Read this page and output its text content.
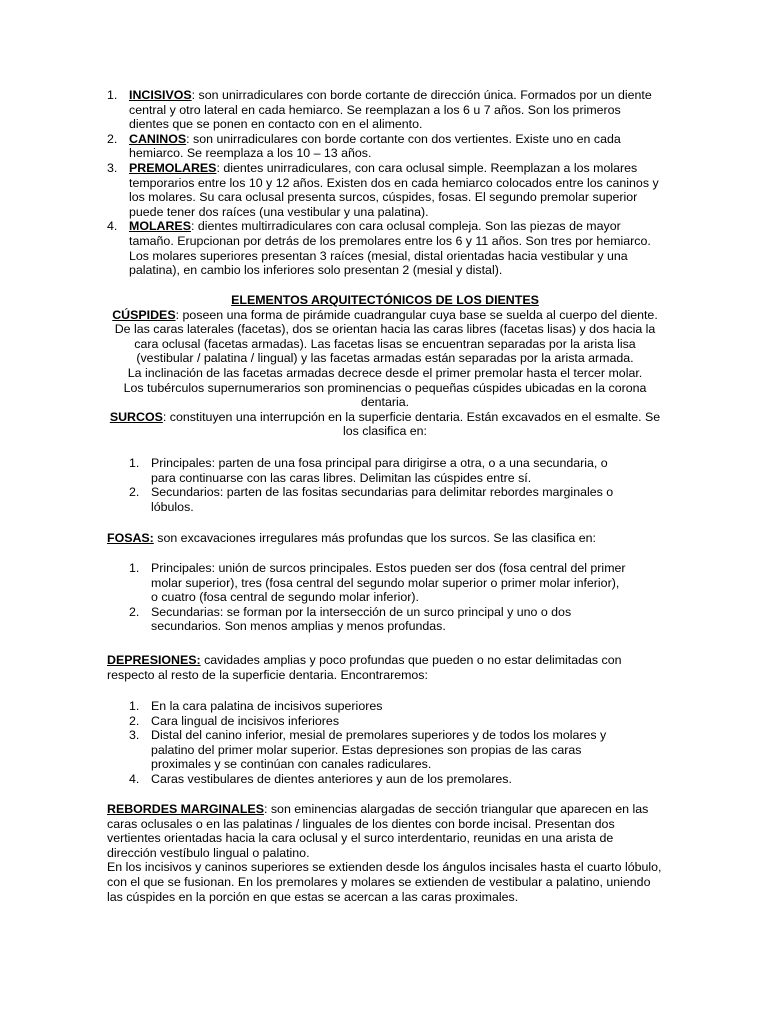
1. INCISIVOS: son unirradiculares con borde cortante de dirección única. Formados por un diente central y otro lateral en cada hemiarco. Se reemplazan a los 6 u 7 años. Son los primeros dientes que se ponen en contacto con en el alimento.
2. CANINOS: son unirradiculares con borde cortante con dos vertientes. Existe uno en cada hemiarco. Se reemplaza a los 10 – 13 años.
3. PREMOLARES: dientes unirradiculares, con cara oclusal simple. Reemplazan a los molares temporarios entre los 10 y 12 años. Existen dos en cada hemiarco colocados entre los caninos y los molares. Su cara oclusal presenta surcos, cúspides, fosas. El segundo premolar superior puede tener dos raíces (una vestibular y una palatina).
4. MOLARES: dientes multirradiculares con cara oclusal compleja. Son las piezas de mayor tamaño. Erupcionan por detrás de los premolares entre los 6 y 11 años. Son tres por hemiarco. Los molares superiores presentan 3 raíces (mesial, distal orientadas hacia vestibular y una palatina), en cambio los inferiores solo presentan 2 (mesial y distal).
ELEMENTOS ARQUITECTÓNICOS DE LOS DIENTES
CÚSPIDES: poseen una forma de pirámide cuadrangular cuya base se suelda al cuerpo del diente. De las caras laterales (facetas), dos se orientan hacia las caras libres (facetas lisas) y dos hacia la cara oclusal (facetas armadas). Las facetas lisas se encuentran separadas por la arista lisa (vestibular / palatina / lingual) y las facetas armadas están separadas por la arista armada.
La inclinación de las facetas armadas decrece desde el primer premolar hasta el tercer molar.
Los tubérculos supernumerarios son prominencias o pequeñas cúspides ubicadas en la corona dentaria.
SURCOS: constituyen una interrupción en la superficie dentaria. Están excavados en el esmalte. Se los clasifica en:
1. Principales: parten de una fosa principal para dirigirse a otra, o a una secundaria, o para continuarse con las caras libres. Delimitan las cúspides entre sí.
2. Secundarios: parten de las fositas secundarias para delimitar rebordes marginales o lóbulos.
FOSAS: son excavaciones irregulares más profundas que los surcos. Se las clasifica en:
1. Principales: unión de surcos principales. Estos pueden ser dos (fosa central del primer molar superior), tres (fosa central del segundo molar superior o primer molar inferior), o cuatro (fosa central de segundo molar inferior).
2. Secundarias: se forman por la intersección de un surco principal y uno o dos secundarios. Son menos amplias y menos profundas.
DEPRESIONES: cavidades amplias y poco profundas que pueden o no estar delimitadas con respecto al resto de la superficie dentaria. Encontraremos:
1. En la cara palatina de incisivos superiores
2. Cara lingual de incisivos inferiores
3. Distal del canino inferior, mesial de premolares superiores y de todos los molares y palatino del primer molar superior. Estas depresiones son propias de las caras proximales y se continúan con canales radiculares.
4. Caras vestibulares de dientes anteriores y aun de los premolares.
REBORDES MARGINALES: son eminencias alargadas de sección triangular que aparecen en las caras oclusales o en las palatinas / linguales de los dientes con borde incisal. Presentan dos vertientes orientadas hacia la cara oclusal y el surco interdentario, reunidas en una arista de dirección vestíbulo lingual o palatino.
En los incisivos y caninos superiores se extienden desde los ángulos incisales hasta el cuarto lóbulo, con el que se fusionan. En los premolares y molares se extienden de vestibular a palatino, uniendo las cúspides en la porción en que estas se acercan a las caras proximales.
